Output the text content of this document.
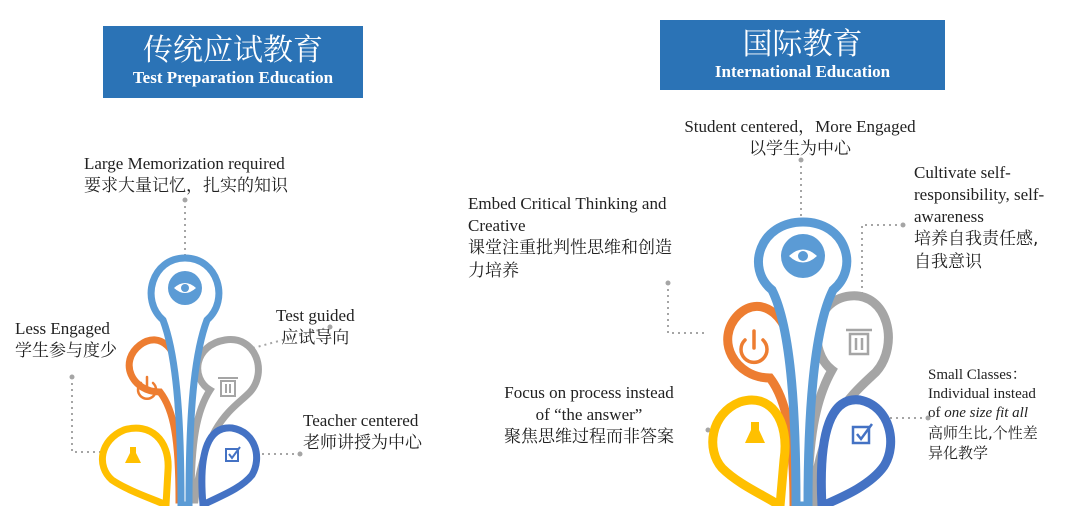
传统应试教育
Test Preparation Education
国际教育
International Education
Large Memorization required
要求大量记忆，扎实的知识
Less Engaged
学生参与度少
Test guided
应试导向
Teacher centered
老师讲授为中心
Student centered，More Engaged
以学生为中心
Embed Critical Thinking and
Creative
课堂注重批判性思维和创造
力培养
Cultivate self-
responsibility, self-
awareness
培养自我责任感,
自我意识
Focus on process instead
of “the answer”
聚焦思维过程而非答案
Small Classes：
Individual instead
of one size fit all
高师生比,个性差
异化教学
